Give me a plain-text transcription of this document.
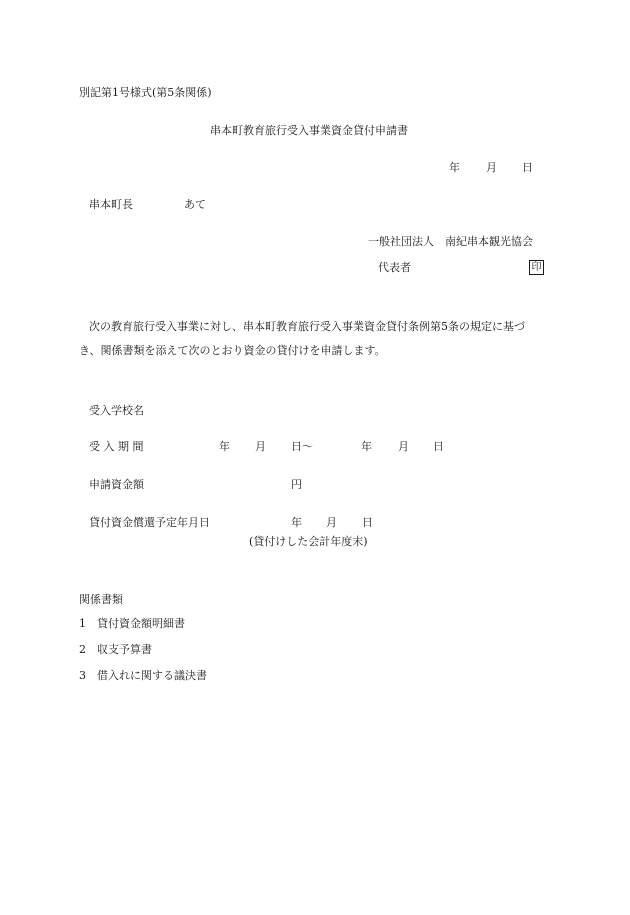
別記第1号様式(第5条関係)
串本町教育旅行受入事業資金貸付申請書
年 月 日
串本町長	あて
一般社団法人　南紀串本観光協会
代表者	印
次の教育旅行受入事業に対し、串本町教育旅行受入事業資金貸付条例第5条の規定に基づ
き、関係書類を添えて次のとおり資金の貸付けを申請します。
受入学校名
受 入 期 間	年 月 日〜	年 月 日
申請資金額	円
貸付資金償還予定年月日	年 月 日
(貸付けした会計年度末)
関係書類
1　貸付資金額明細書
2　収支予算書
3　借入れに関する議決書
